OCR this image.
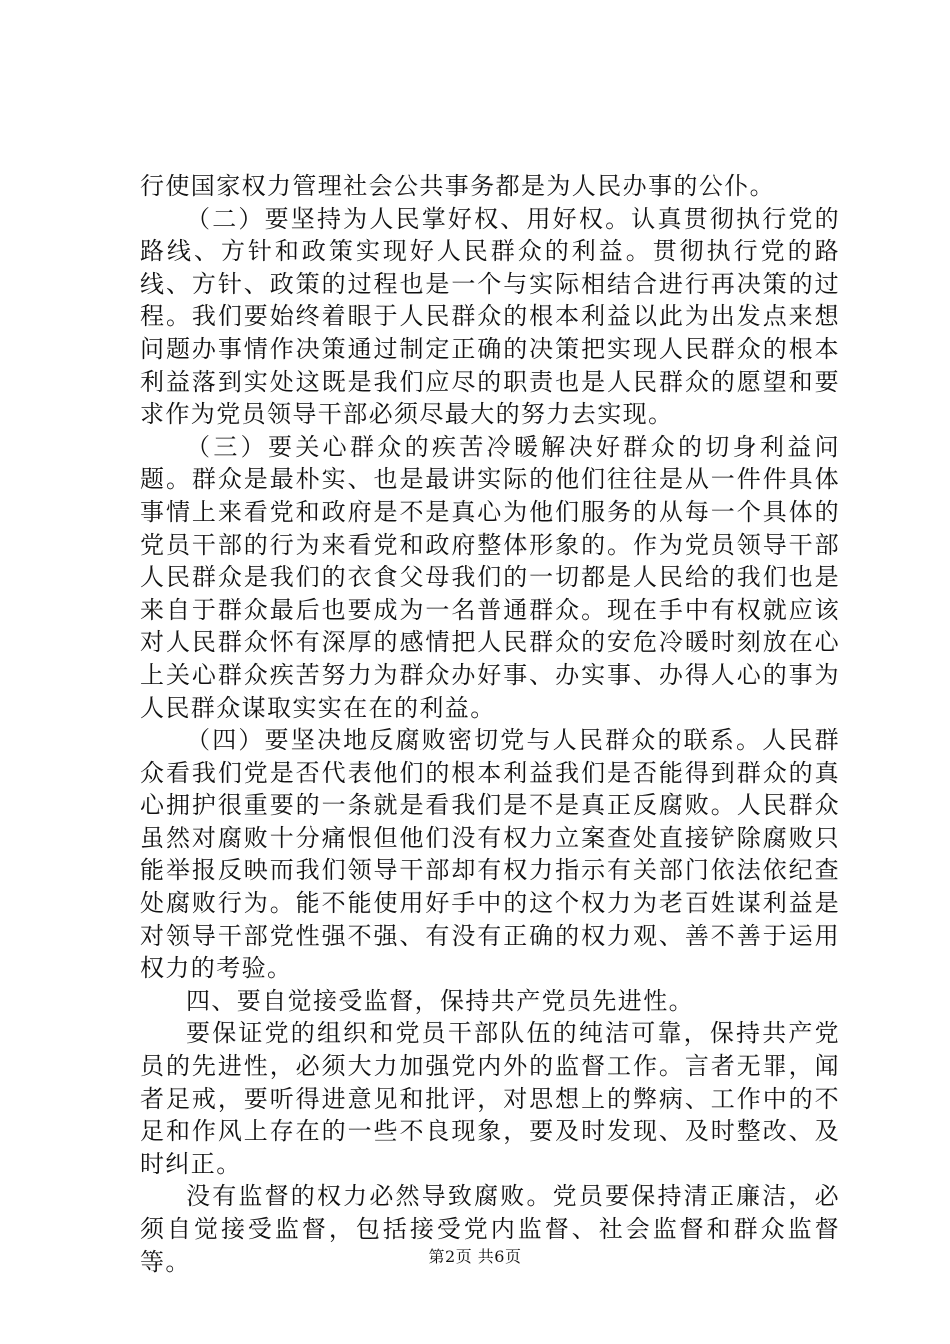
行使国家权力管理社会公共事务都是为人民办事的公仆。

（二）要坚持为人民掌好权、用好权。认真贯彻执行党的路线、方针和政策实现好人民群众的利益。贯彻执行党的路线、方针、政策的过程也是一个与实际相结合进行再决策的过程。我们要始终着眼于人民群众的根本利益以此为出发点来想问题办事情作决策通过制定正确的决策把实现人民群众的根本利益落到实处这既是我们应尽的职责也是人民群众的愿望和要求作为党员领导干部必须尽最大的努力去实现。

（三）要关心群众的疾苦冷暖解决好群众的切身利益问题。群众是最朴实、也是最讲实际的他们往往是从一件件具体事情上来看党和政府是不是真心为他们服务的从每一个具体的党员干部的行为来看党和政府整体形象的。作为党员领导干部人民群众是我们的衣食父母我们的一切都是人民给的我们也是来自于群众最后也要成为一名普通群众。现在手中有权就应该对人民群众怀有深厚的感情把人民群众的安危冷暖时刻放在心上关心群众疾苦努力为群众办好事、办实事、办得人心的事为人民群众谋取实实在在的利益。

（四）要坚决地反腐败密切党与人民群众的联系。人民群众看我们党是否代表他们的根本利益我们是否能得到群众的真心拥护很重要的一条就是看我们是不是真正反腐败。人民群众虽然对腐败十分痛恨但他们没有权力立案查处直接铲除腐败只能举报反映而我们领导干部却有权力指示有关部门依法依纪查处腐败行为。能不能使用好手中的这个权力为老百姓谋利益是对领导干部党性强不强、有没有正确的权力观、善不善于运用权力的考验。

四、要自觉接受监督，保持共产党员先进性。

要保证党的组织和党员干部队伍的纯洁可靠，保持共产党员的先进性，必须大力加强党内外的监督工作。言者无罪，闻者足戒，要听得进意见和批评，对思想上的弊病、工作中的不足和作风上存在的一些不良现象，要及时发现、及时整改、及时纠正。

没有监督的权力必然导致腐败。党员要保持清正廉洁，必须自觉接受监督，包括接受党内监督、社会监督和群众监督等。	第2页 共6页
